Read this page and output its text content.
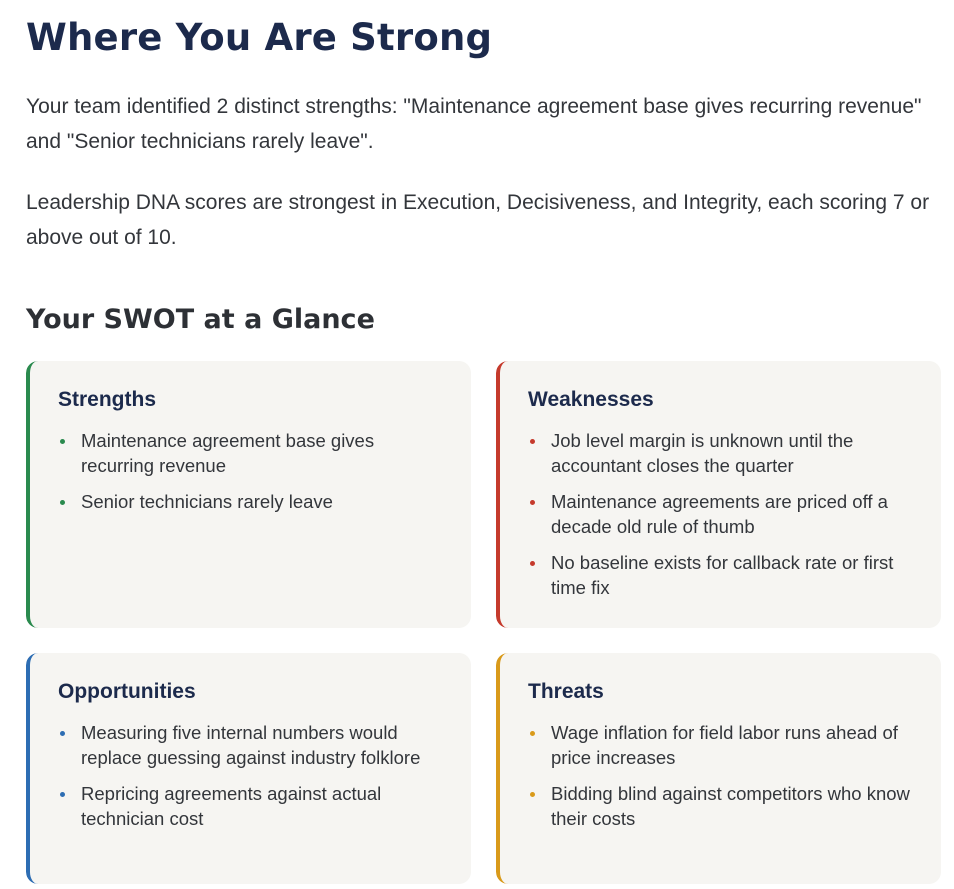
Where You Are Strong

Your team identified 2 distinct strengths: "Maintenance agreement base gives recurring revenue" and "Senior technicians rarely leave".

Leadership DNA scores are strongest in Execution, Decisiveness, and Integrity, each scoring 7 or above out of 10.

Your SWOT at a Glance
Strengths
Maintenance agreement base gives recurring revenue
Senior technicians rarely leave
Weaknesses
Job level margin is unknown until the accountant closes the quarter
Maintenance agreements are priced off a decade old rule of thumb
No baseline exists for callback rate or first time fix
Opportunities
Measuring five internal numbers would replace guessing against industry folklore
Repricing agreements against actual technician cost
Threats
Wage inflation for field labor runs ahead of price increases
Bidding blind against competitors who know their costs
